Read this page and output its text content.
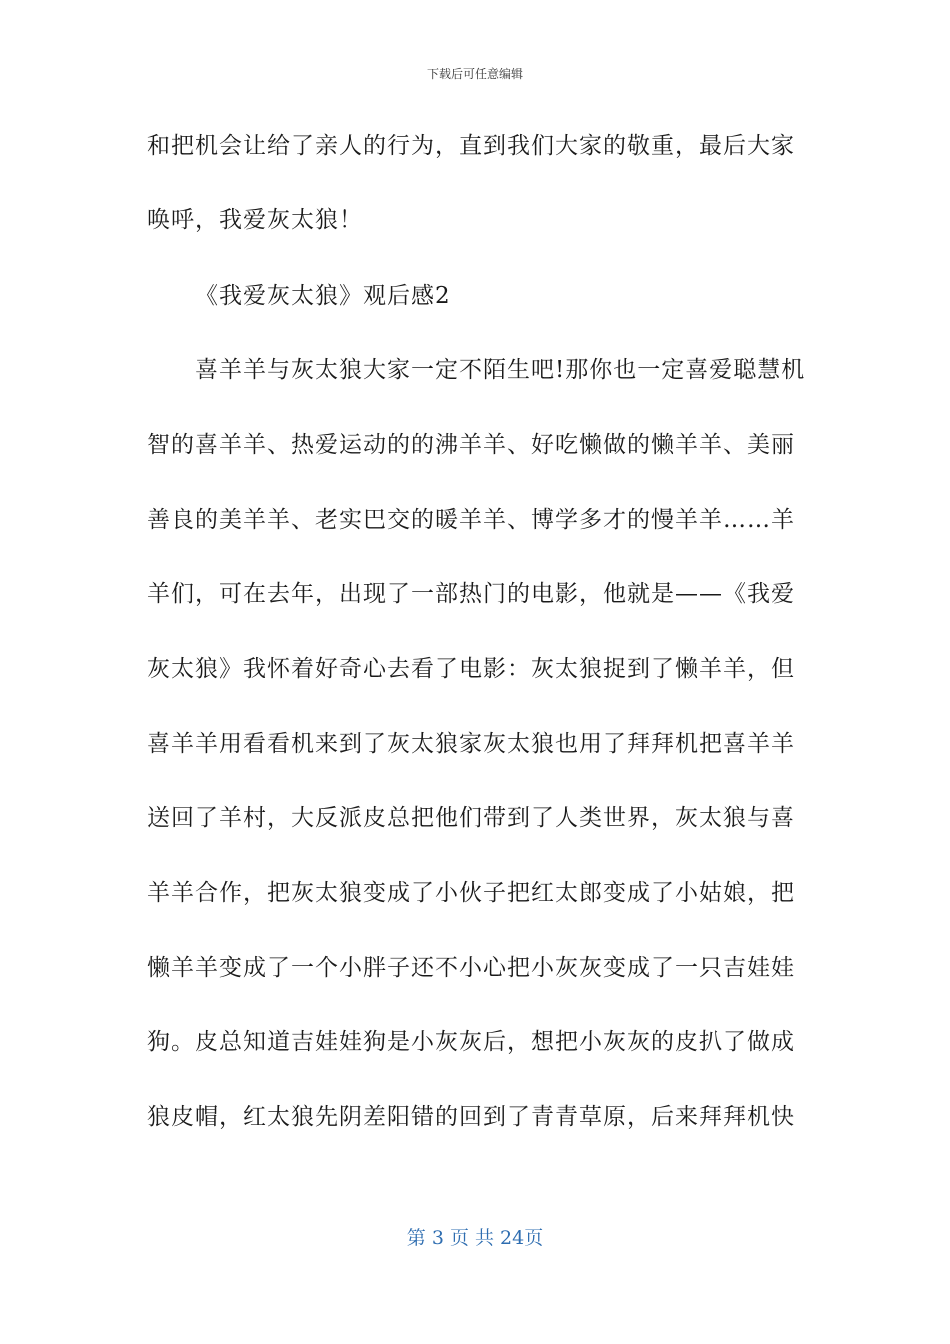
下载后可任意编辑
和把机会让给了亲人的行为，直到我们大家的敬重，最后大家
唤呼，我爱灰太狼！
《我爱灰太狼》观后感2
喜羊羊与灰太狼大家一定不陌生吧!那你也一定喜爱聪慧机
智的喜羊羊、热爱运动的的沸羊羊、好吃懒做的懒羊羊、美丽
善良的美羊羊、老实巴交的暖羊羊、博学多才的慢羊羊……羊
羊们，可在去年，出现了一部热门的电影，他就是——《我爱
灰太狼》我怀着好奇心去看了电影：灰太狼捉到了懒羊羊，但
喜羊羊用看看机来到了灰太狼家灰太狼也用了拜拜机把喜羊羊
送回了羊村，大反派皮总把他们带到了人类世界，灰太狼与喜
羊羊合作，把灰太狼变成了小伙子把红太郎变成了小姑娘，把
懒羊羊变成了一个小胖子还不小心把小灰灰变成了一只吉娃娃
狗。皮总知道吉娃娃狗是小灰灰后，想把小灰灰的皮扒了做成
狼皮帽，红太狼先阴差阳错的回到了青青草原，后来拜拜机快
第 3 页 共 24页
